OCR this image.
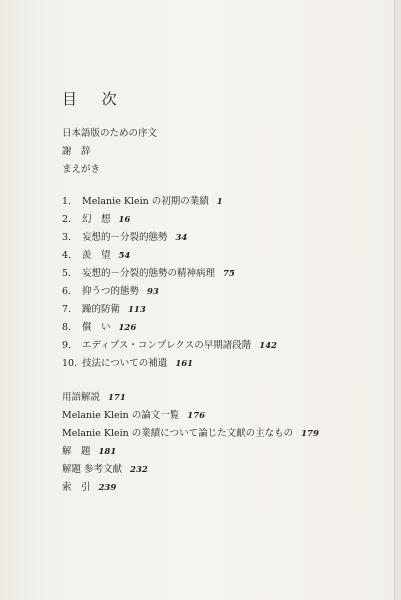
目 次
日本語版のための序文
謝　辞
まえがき
1. Melanie Klein の初期の業績 1
2. 幻　想 16
3. 妄想的－分裂的態勢 34
4. 羨　望 54
5. 妄想的－分裂的態勢の精神病理 75
6. 抑うつ的態勢 93
7. 躁的防衛 113
8. 償　い 126
9. エディプス・コンプレクスの早期諸段階 142
10. 技法についての補遺 161
用語解説 171
Melanie Klein の論文一覧 176
Melanie Klein の業績について論じた文献の主なもの 179
解　題 181
解題 参考文献 232
索　引 239
